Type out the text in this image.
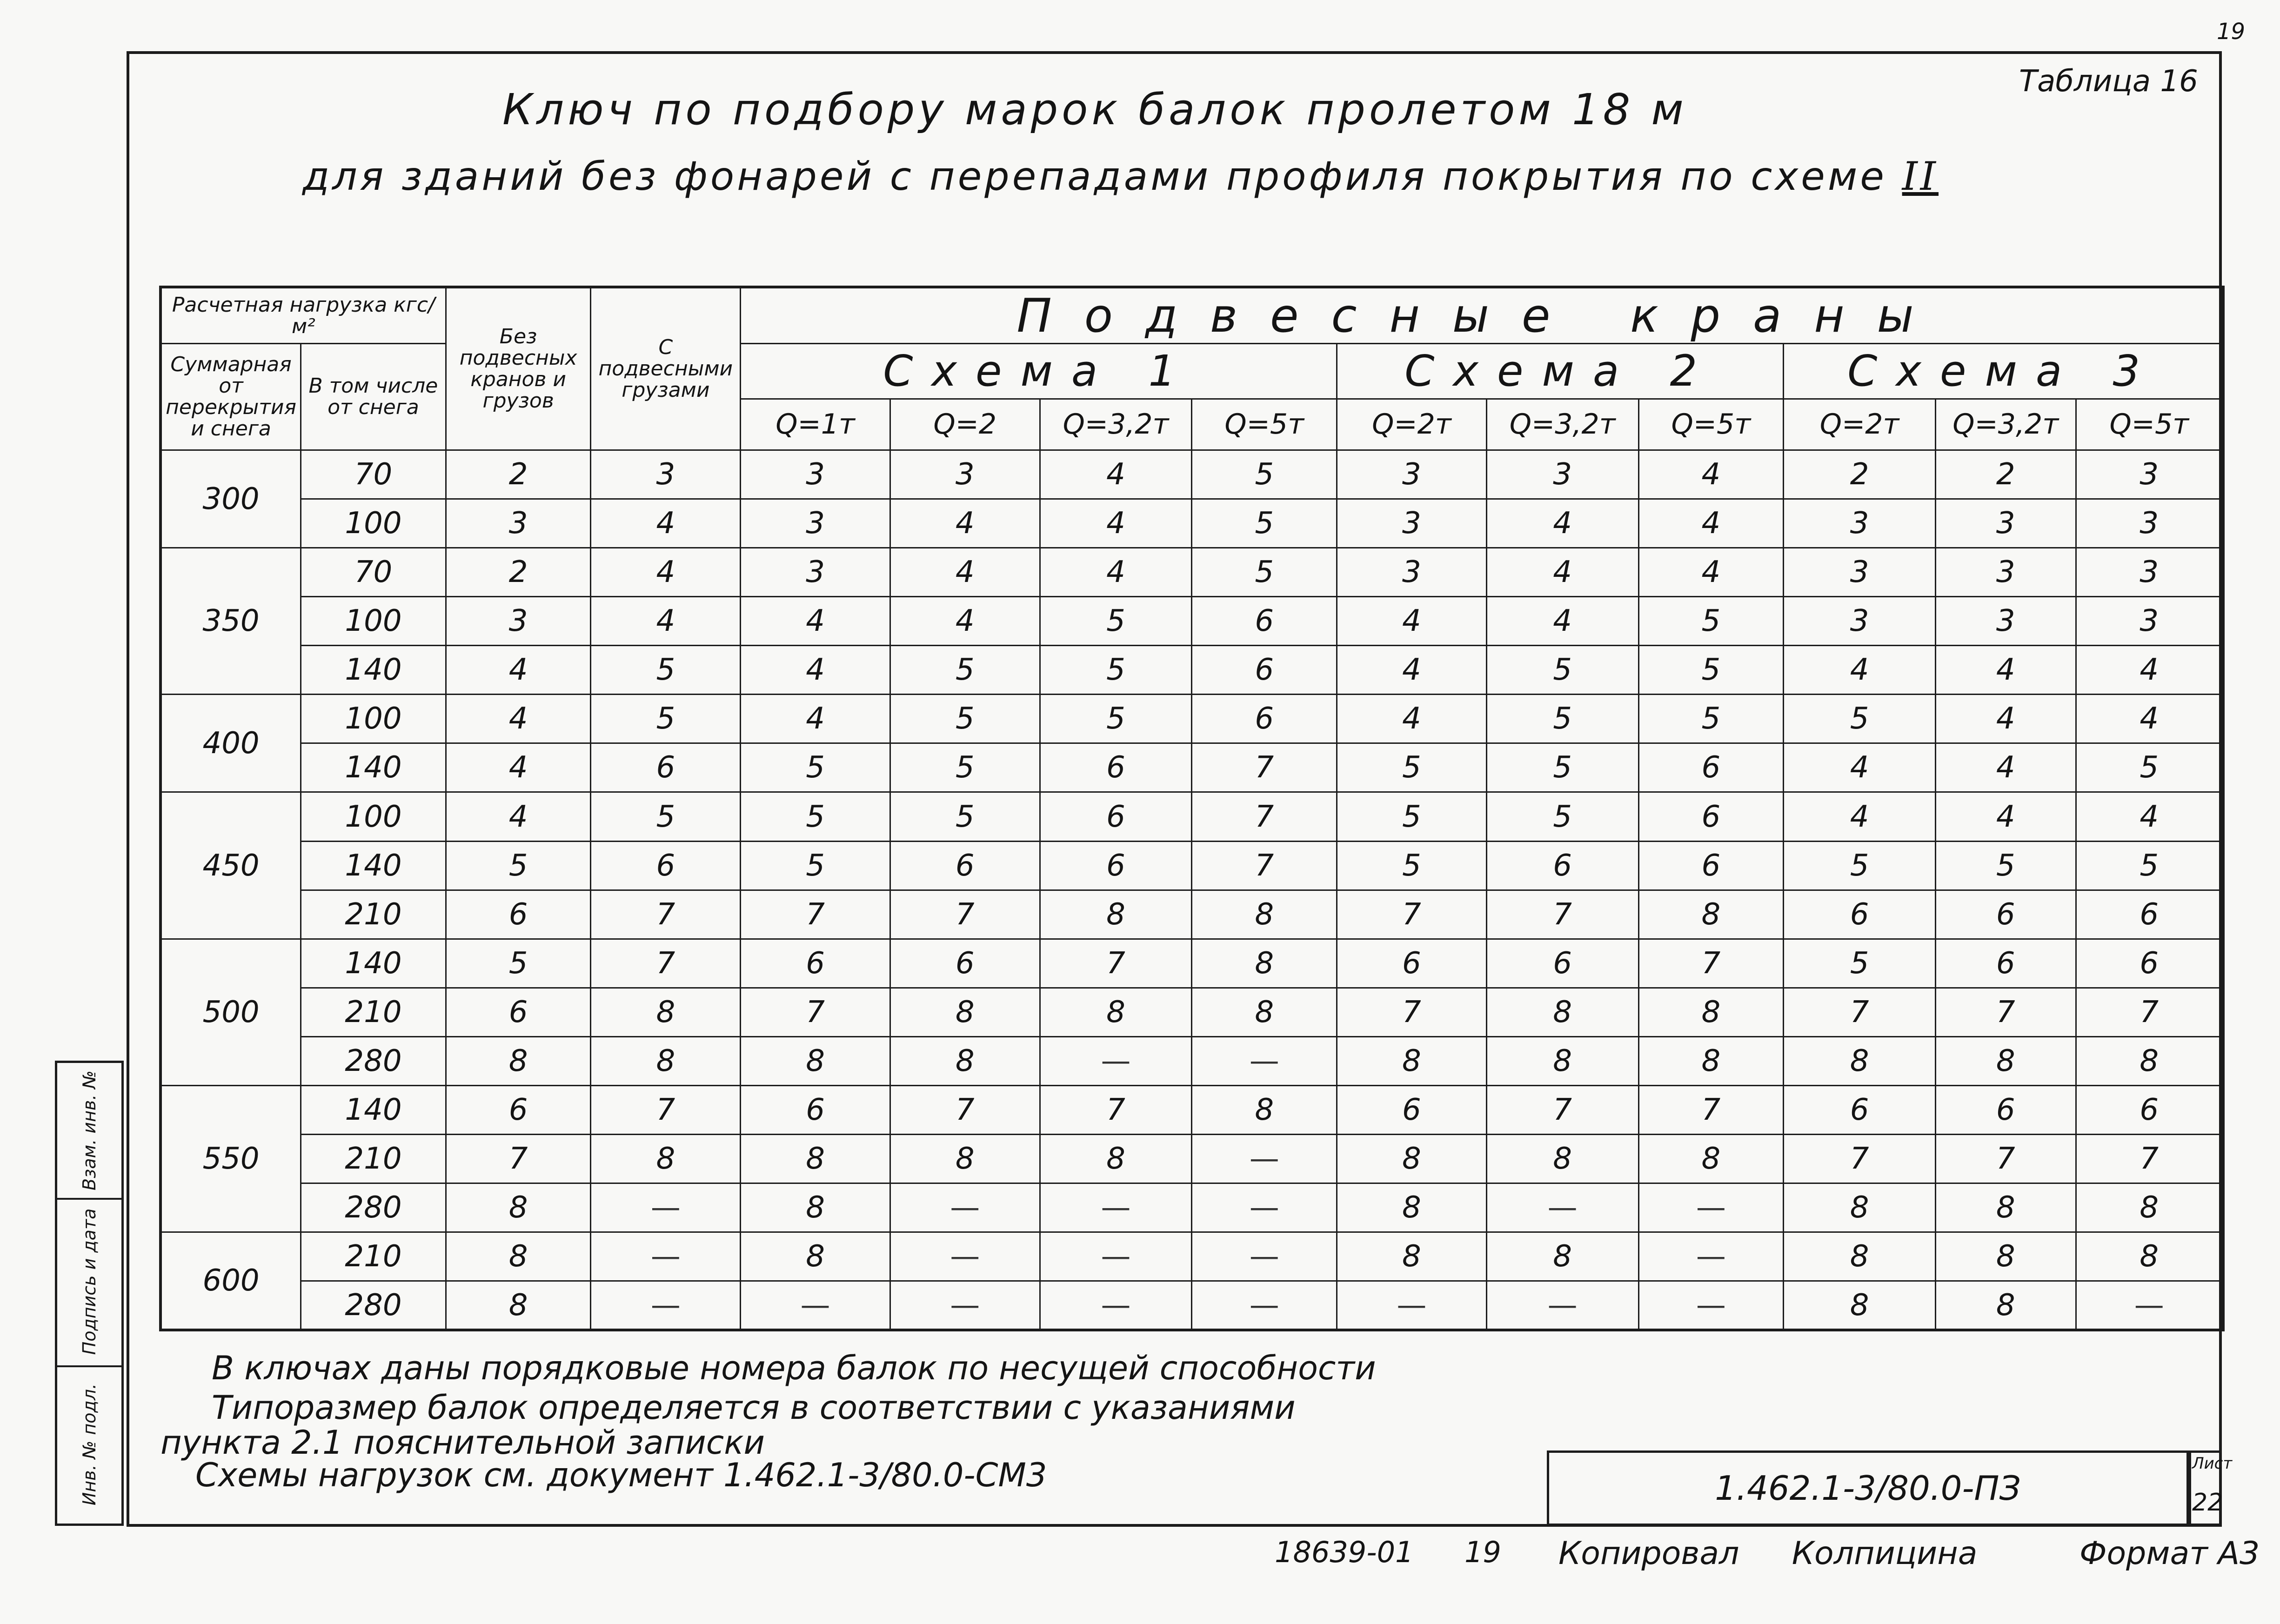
19
Таблица 16
Ключ по подбору марок балок пролетом 18 м
для зданий без фонарей с перепадами профиля покрытия по схеме II
Расчетная нагрузка кгс/м²		Без подвесных кранов и грузов	С подвесными грузами	Подвесные краны									
Суммарная от перекрытия и снега	В том числе от снега			Схема 1				Схема 2			Схема 3		
				Q=1т	Q=2	Q=3,2т	Q=5т	Q=2т	Q=3,2т	Q=5т	Q=2т	Q=3,2т	Q=5т
300	70	2	3	3	3	4	5	3	3	4	2	2	3
	100	3	4	3	4	4	5	3	4	4	3	3	3
350	70	2	4	3	4	4	5	3	4	4	3	3	3
	100	3	4	4	4	5	6	4	4	5	3	3	3
	140	4	5	4	5	5	6	4	5	5	4	4	4
400	100	4	5	4	5	5	6	4	5	5	5	4	4
	140	4	6	5	5	6	7	5	5	6	4	4	5
450	100	4	5	5	5	6	7	5	5	6	4	4	4
	140	5	6	5	6	6	7	5	6	6	5	5	5
	210	6	7	7	7	8	8	7	7	8	6	6	6
500	140	5	7	6	6	7	8	6	6	7	5	6	6
	210	6	8	7	8	8	8	7	8	8	7	7	7
	280	8	8	8	8	—	—	8	8	8	8	8	8
550	140	6	7	6	7	7	8	6	7	7	6	6	6
	210	7	8	8	8	8	—	8	8	8	7	7	7
	280	8	—	8	—	—	—	8	—	—	8	8	8
600	210	8	—	8	—	—	—	8	8	—	8	8	8
	280	8	—	—	—	—	—	—	—	—	8	8	—
В ключах даны порядковые номера балок по несущей способности
Типоразмер балок определяется в соответствии с указаниями
пункта 2.1 пояснительной записки
Схемы нагрузок см. документ 1.462.1-3/80.0-СМ3	1.462.1-3/80.0-ПЗ
Лист
22
18639-01 19 Копировал Колпицина	Формат А3
Взам. инв. №
Подпись и дата
Инв. № подл.
